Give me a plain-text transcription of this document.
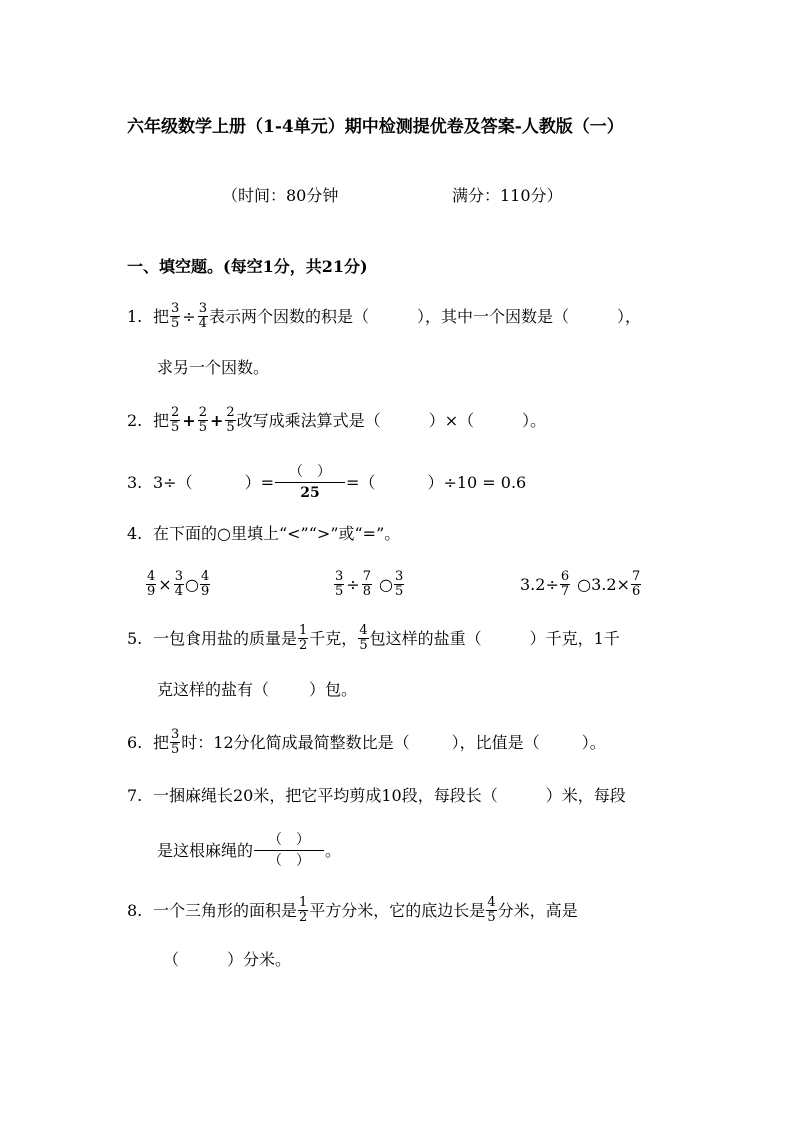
六年级数学上册（1-4单元）期中检测提优卷及答案-人教版（一）
（时间：80分钟	满分：110分）
一、填空题。(每空1分，共21分)
1. 把 $\frac{3}{5} \div \frac{3}{4}$ 表示两个因数的积是（	），其中一个因数是（	），
求另一个因数。
2. 把 $\frac{2}{5} + \frac{2}{5} + \frac{2}{5}$ 改写成乘法算式是（	）×（	）。
3. 3÷（	）= $\frac{( )}{25}$ =（	）÷10 = 0.6
4. 在下面的○里填上“<”“>”或“=”。
$\frac{4}{9} \times \frac{3}{4}$ ○ $\frac{4}{9}$	$\frac{3}{5} \div \frac{7}{8}$ ○ $\frac{3}{5}$	$3.2\div \frac{6}{7}$ ○3.2× $\frac{7}{6}$
5. 一包食用盐的质量是 $\frac{1}{2}$ 千克， $\frac{4}{5}$ 包这样的盐重（	）千克，1千
克这样的盐有（	）包。
6. 把 $\frac{3}{5}$ 时：12分化简成最简整数比是（	），比值是（	）。
7. 一捆麻绳长20米，把它平均剪成10段，每段长（	）米，每段
是这根麻绳的 $\frac{( )}{( )}$ 。
8. 一个三角形的面积是 $\frac{1}{2}$ 平方分米，它的底边长是 $\frac{4}{5}$ 分米，高是
（	）分米。
